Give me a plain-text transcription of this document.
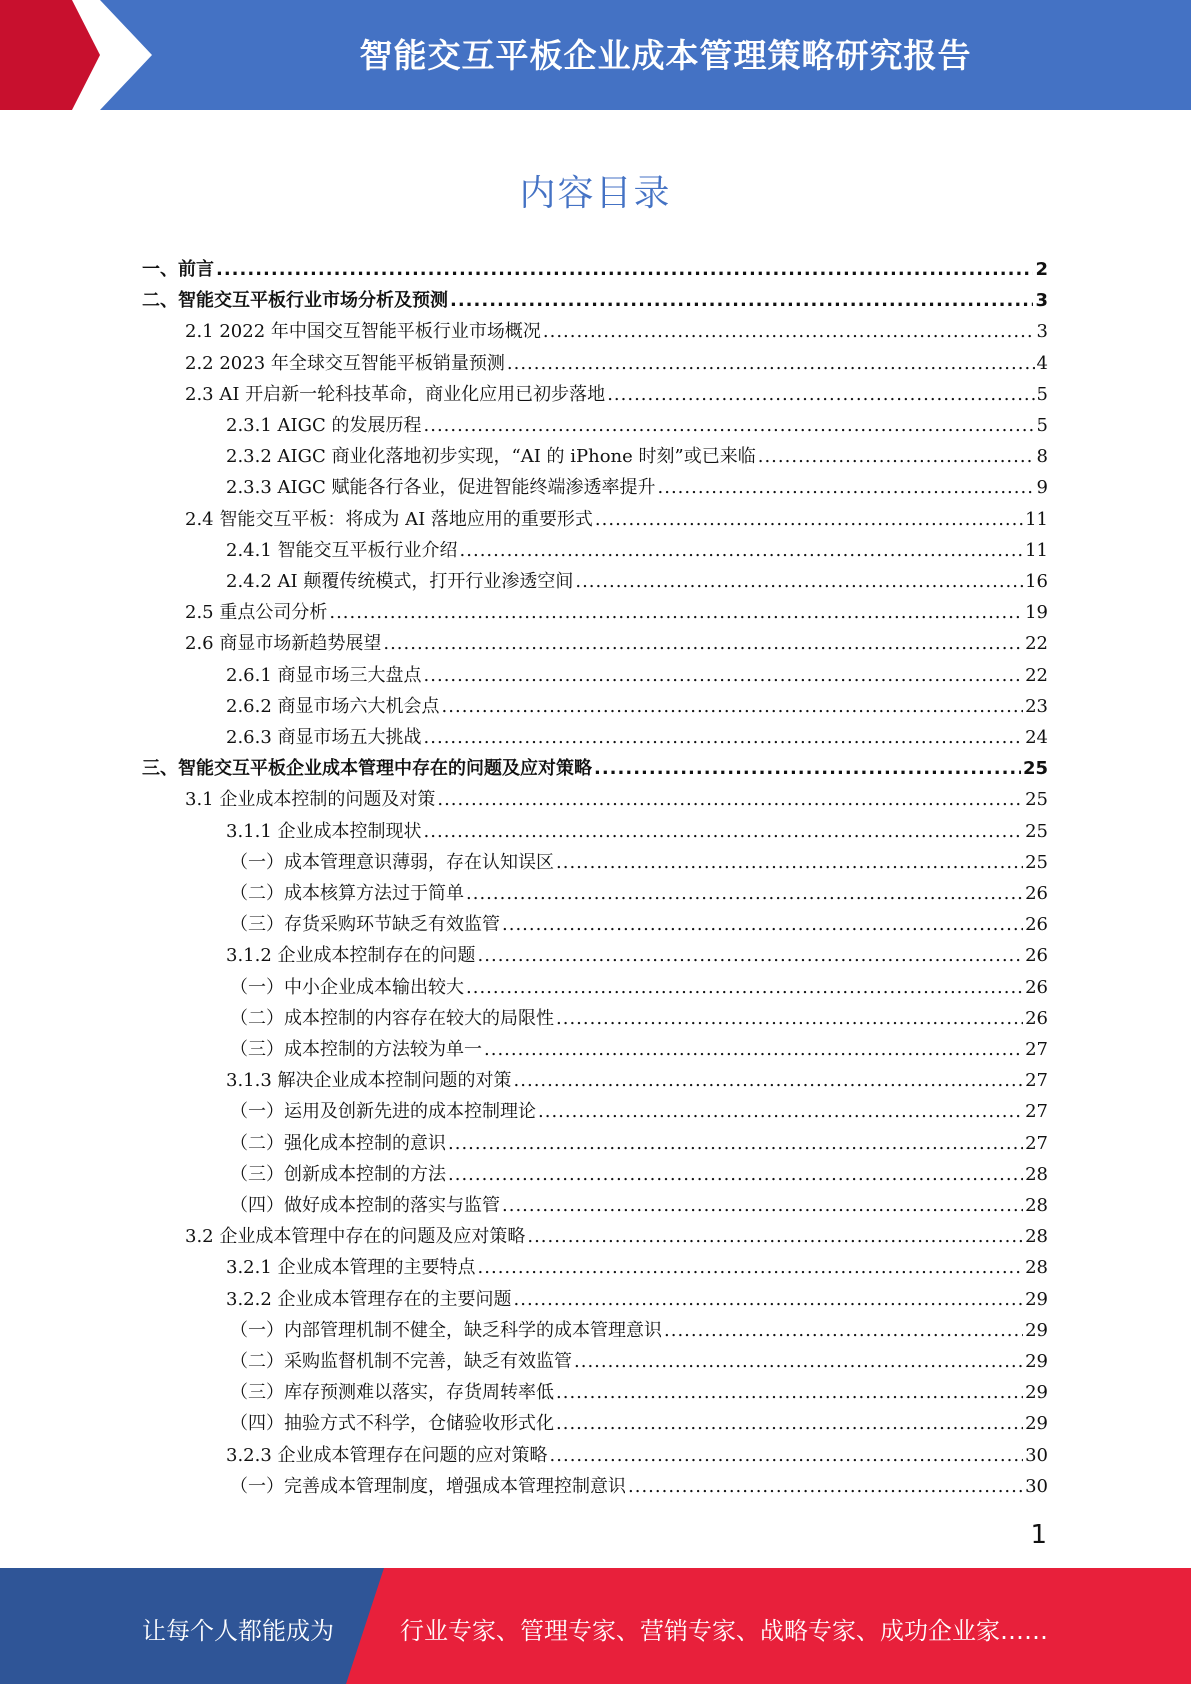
智能交互平板企业成本管理策略研究报告
内容目录
一、前言 .....	2
二、智能交互平板行业市场分析及预测 .....	3
2.1 2022 年中国交互智能平板行业市场概况 .....	3
2.2 2023 年全球交互智能平板销量预测 .....	4
2.3 AI 开启新一轮科技革命，商业化应用已初步落地 .....	5
2.3.1 AIGC 的发展历程 .....	5
2.3.2 AIGC 商业化落地初步实现，“AI 的 iPhone 时刻”或已来临 .....	8
2.3.3 AIGC 赋能各行各业，促进智能终端渗透率提升 .....	9
2.4 智能交互平板：将成为 AI 落地应用的重要形式 .....	11
2.4.1 智能交互平板行业介绍 .....	11
2.4.2 AI 颠覆传统模式，打开行业渗透空间 .....	16
2.5 重点公司分析 .....	19
2.6 商显市场新趋势展望 .....	22
2.6.1 商显市场三大盘点 .....	22
2.6.2 商显市场六大机会点 .....	23
2.6.3 商显市场五大挑战 .....	24
三、智能交互平板企业成本管理中存在的问题及应对策略 .....	25
3.1 企业成本控制的问题及对策 .....	25
3.1.1 企业成本控制现状 .....	25
（一）成本管理意识薄弱，存在认知误区 .....	25
（二）成本核算方法过于简单 .....	26
（三）存货采购环节缺乏有效监管 .....	26
3.1.2 企业成本控制存在的问题 .....	26
（一）中小企业成本输出较大 .....	26
（二）成本控制的内容存在较大的局限性 .....	26
（三）成本控制的方法较为单一 .....	27
3.1.3 解决企业成本控制问题的对策 .....	27
（一）运用及创新先进的成本控制理论 .....	27
（二）强化成本控制的意识 .....	27
（三）创新成本控制的方法 .....	28
（四）做好成本控制的落实与监管 .....	28
3.2 企业成本管理中存在的问题及应对策略 .....	28
3.2.1 企业成本管理的主要特点 .....	28
3.2.2 企业成本管理存在的主要问题 .....	29
（一）内部管理机制不健全，缺乏科学的成本管理意识 .....	29
（二）采购监督机制不完善，缺乏有效监管 .....	29
（三）库存预测难以落实，存货周转率低 .....	29
（四）抽验方式不科学，仓储验收形式化 .....	29
3.2.3 企业成本管理存在问题的应对策略 .....	30
（一）完善成本管理制度，增强成本管理控制意识 .....	30
1
让每个人都能成为	行业专家、管理专家、营销专家、战略专家、成功企业家……
